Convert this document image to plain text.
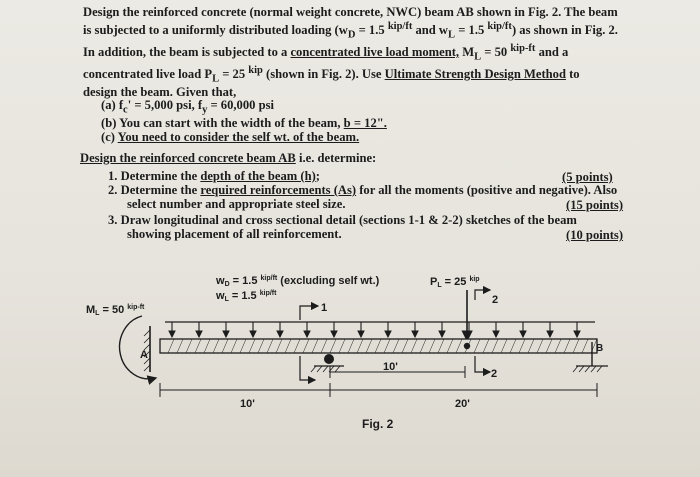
Design the reinforced concrete (normal weight concrete, NWC) beam AB shown in Fig. 2. The beam
is subjected to a uniformly distributed loading ($w_D = 1.5$ $^{kip/ft}$ and $w_L = 1.5$ $^{kip/ft}$) as shown in Fig. 2.
In addition, the beam is subjected to a concentrated live load moment, $M_L = 50$ $^{kip-ft}$ and a
concentrated live load $P_L = 25$ $^{kip}$ (shown in Fig. 2). Use Ultimate Strength Design Method to
design the beam. Given that,
(a) $f_c' = 5,000$ psi, $f_y = 60,000$ psi
(b) You can start with the width of the beam, b = 12".
(c) You need to consider the self wt. of the beam.
Design the reinforced concrete beam AB i.e. determine:
1. Determine the depth of the beam (h);	(5 points)
2. Determine the required reinforcements (As) for all the moments (positive and negative). Also
select number and appropriate steel size.	(15 points)
3. Draw longitudinal and cross sectional detail (sections 1-1 & 2-2) sketches of the beam
showing placement of all reinforcement.	(10 points)
wD = 1.5 $^{kip/ft}$ (excluding self wt.)
wL = 1.5 $^{kip/ft}$
PL = 25 $^{kip}$
ML = 50 $^{kip-ft}$	1
2
A
B
2
10'
10'	20'
Fig. 2
